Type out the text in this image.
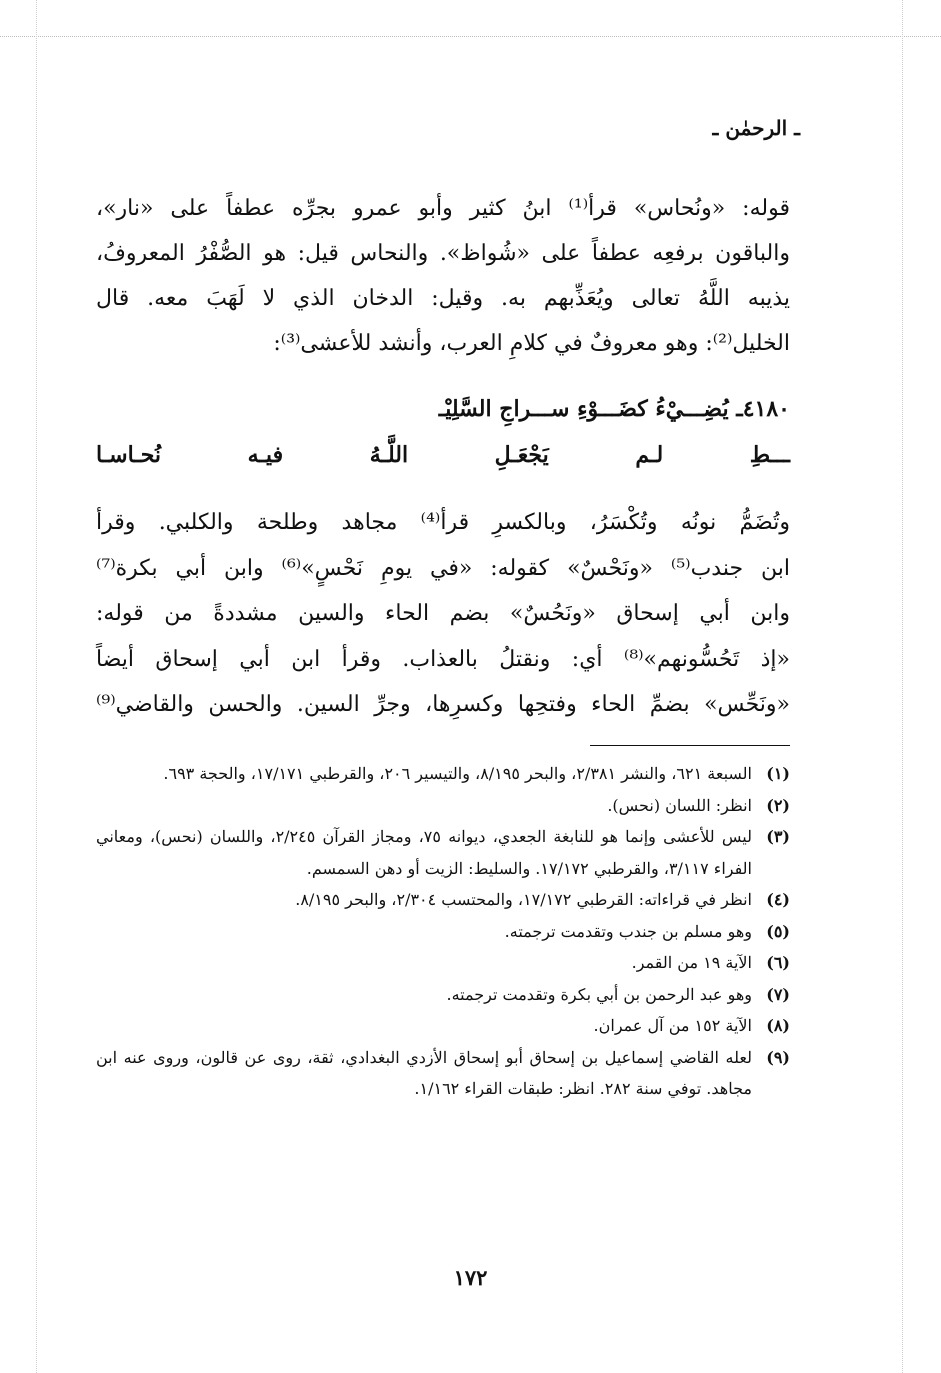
ـ الرحمٰن ـ

قوله: «ونُحاس» قرأ⁽¹⁾ ابنُ كثير وأبو عمرو بجرِّه عطفاً على «نار»،

والباقون برفعِه عطفاً على «شُواظ». والنحاس قيل: هو الصُّفْرُ المعروفُ،

يذيبه اللَّهُ تعالى ويُعَذِّبهم به. وقيل: الدخان الذي لا لَهَبَ معه. قال

الخليل⁽²⁾: وهو معروفٌ في كلامِ العرب، وأنشد للأعشى⁽³⁾:

٤١٨٠ـ يُضِـــيْءُ كضَـــوْءِ ســـراجِ السَّلِيْـ
ـــطِ لـم يَجْعَـلِ اللَّـهُ فيـه نُحـاسـا

وتُضَمُّ نونُه وتُكْسَرُ، وبالكسرِ قرأ⁽⁴⁾ مجاهد وطلحة والكلبي. وقرأ

ابن جندب⁽⁵⁾ «ونَحْسٌ» كقوله: «في يومِ نَحْسٍ»⁽⁶⁾ وابن أبي بكرة⁽⁷⁾

وابن أبي إسحاق «ونَحُسٌ» بضم الحاء والسين مشددةً من قوله:

«إذ تَحُسُّونهم»⁽⁸⁾ أي: ونقتلُ بالعذاب. وقرأ ابن أبي إسحاق أيضاً

«ونَحِّس» بضمِّ الحاء وفتحِها وكسرِها، وجرِّ السين. والحسن والقاضي⁽⁹⁾

(١)
السبعة ٦٢١، والنشر ٢/٣٨١، والبحر ٨/١٩٥، والتيسير ٢٠٦، والقرطبي ١٧/١٧١، والحجة ٦٩٣.
(٢)
انظر: اللسان (نحس).
(٣)
ليس للأعشى وإنما هو للنابغة الجعدي، ديوانه ٧٥، ومجاز القرآن ٢/٢٤٥، واللسان (نحس)، ومعاني الفراء ٣/١١٧، والقرطبي ١٧/١٧٢. والسليط: الزيت أو دهن السمسم.
(٤)
انظر في قراءاته: القرطبي ١٧/١٧٢، والمحتسب ٢/٣٠٤، والبحر ٨/١٩٥.
(٥)
وهو مسلم بن جندب وتقدمت ترجمته.
(٦)
الآية ١٩ من القمر.
(٧)
وهو عبد الرحمن بن أبي بكرة وتقدمت ترجمته.
(٨)
الآية ١٥٢ من آل عمران.
(٩)
لعله القاضي إسماعيل بن إسحاق أبو إسحاق الأزدي البغدادي، ثقة، روى عن قالون، وروى عنه ابن مجاهد. توفي سنة ٢٨٢. انظر: طبقات القراء ١/١٦٢.
١٧٢
